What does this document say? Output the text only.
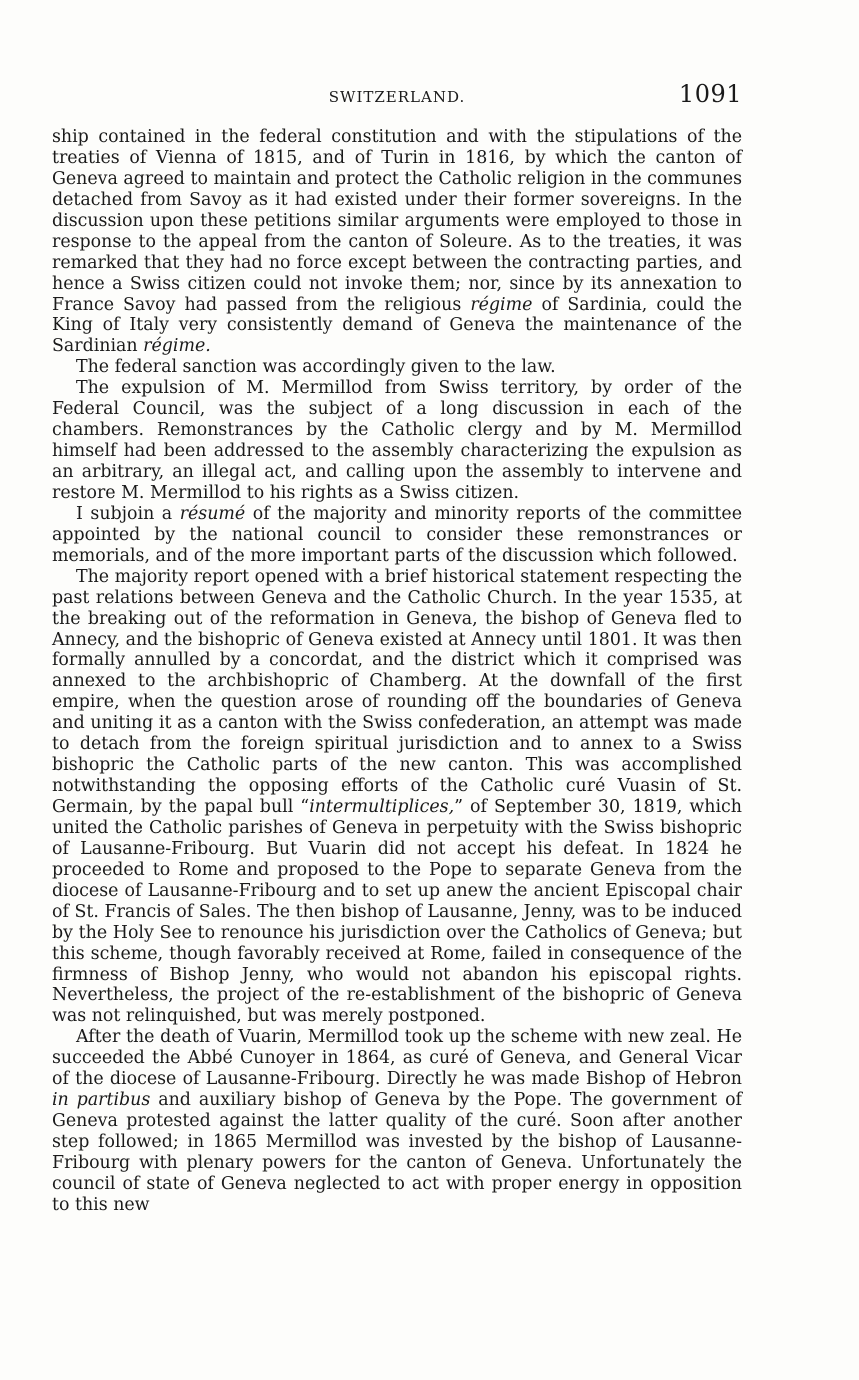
SWITZERLAND.	1091

ship contained in the federal constitution and with the stipulations of the treaties of Vienna of 1815, and of Turin in 1816, by which the canton of Geneva agreed to maintain and protect the Catholic religion in the communes detached from Savoy as it had existed under their former sovereigns. In the discussion upon these petitions similar arguments were employed to those in response to the appeal from the canton of Soleure. As to the treaties, it was remarked that they had no force except between the contracting parties, and hence a Swiss citizen could not invoke them; nor, since by its annexation to France Savoy had passed from the religious régime of Sardinia, could the King of Italy very consistently demand of Geneva the maintenance of the Sardinian régime.

The federal sanction was accordingly given to the law.

The expulsion of M. Mermillod from Swiss territory, by order of the Federal Council, was the subject of a long discussion in each of the chambers. Remonstrances by the Catholic clergy and by M. Mermillod himself had been addressed to the assembly characterizing the expulsion as an arbitrary, an illegal act, and calling upon the assembly to intervene and restore M. Mermillod to his rights as a Swiss citizen.

I subjoin a résumé of the majority and minority reports of the committee appointed by the national council to consider these remonstrances or memorials, and of the more important parts of the discussion which followed.

The majority report opened with a brief historical statement respecting the past relations between Geneva and the Catholic Church. In the year 1535, at the breaking out of the reformation in Geneva, the bishop of Geneva fled to Annecy, and the bishopric of Geneva existed at Annecy until 1801. It was then formally annulled by a concordat, and the district which it comprised was annexed to the archbishopric of Chamberg. At the downfall of the first empire, when the question arose of rounding off the boundaries of Geneva and uniting it as a canton with the Swiss confederation, an attempt was made to detach from the foreign spiritual jurisdiction and to annex to a Swiss bishopric the Catholic parts of the new canton. This was accomplished notwithstanding the opposing efforts of the Catholic curé Vuasin of St. Germain, by the papal bull “intermultiplices,” of September 30, 1819, which united the Catholic parishes of Geneva in perpetuity with the Swiss bishopric of Lausanne-Fribourg. But Vuarin did not accept his defeat. In 1824 he proceeded to Rome and proposed to the Pope to separate Geneva from the diocese of Lausanne-Fribourg and to set up anew the ancient Episcopal chair of St. Francis of Sales. The then bishop of Lausanne, Jenny, was to be induced by the Holy See to renounce his jurisdiction over the Catholics of Geneva; but this scheme, though favorably received at Rome, failed in consequence of the firmness of Bishop Jenny, who would not abandon his episcopal rights. Nevertheless, the project of the re-establishment of the bishopric of Geneva was not relinquished, but was merely postponed.

After the death of Vuarin, Mermillod took up the scheme with new zeal. He succeeded the Abbé Cunoyer in 1864, as curé of Geneva, and General Vicar of the diocese of Lausanne-Fribourg. Directly he was made Bishop of Hebron in partibus and auxiliary bishop of Geneva by the Pope. The government of Geneva protested against the latter quality of the curé. Soon after another step followed; in 1865 Mermillod was invested by the bishop of Lausanne-Fribourg with plenary powers for the canton of Geneva. Unfortunately the council of state of Geneva neglected to act with proper energy in opposition to this new
